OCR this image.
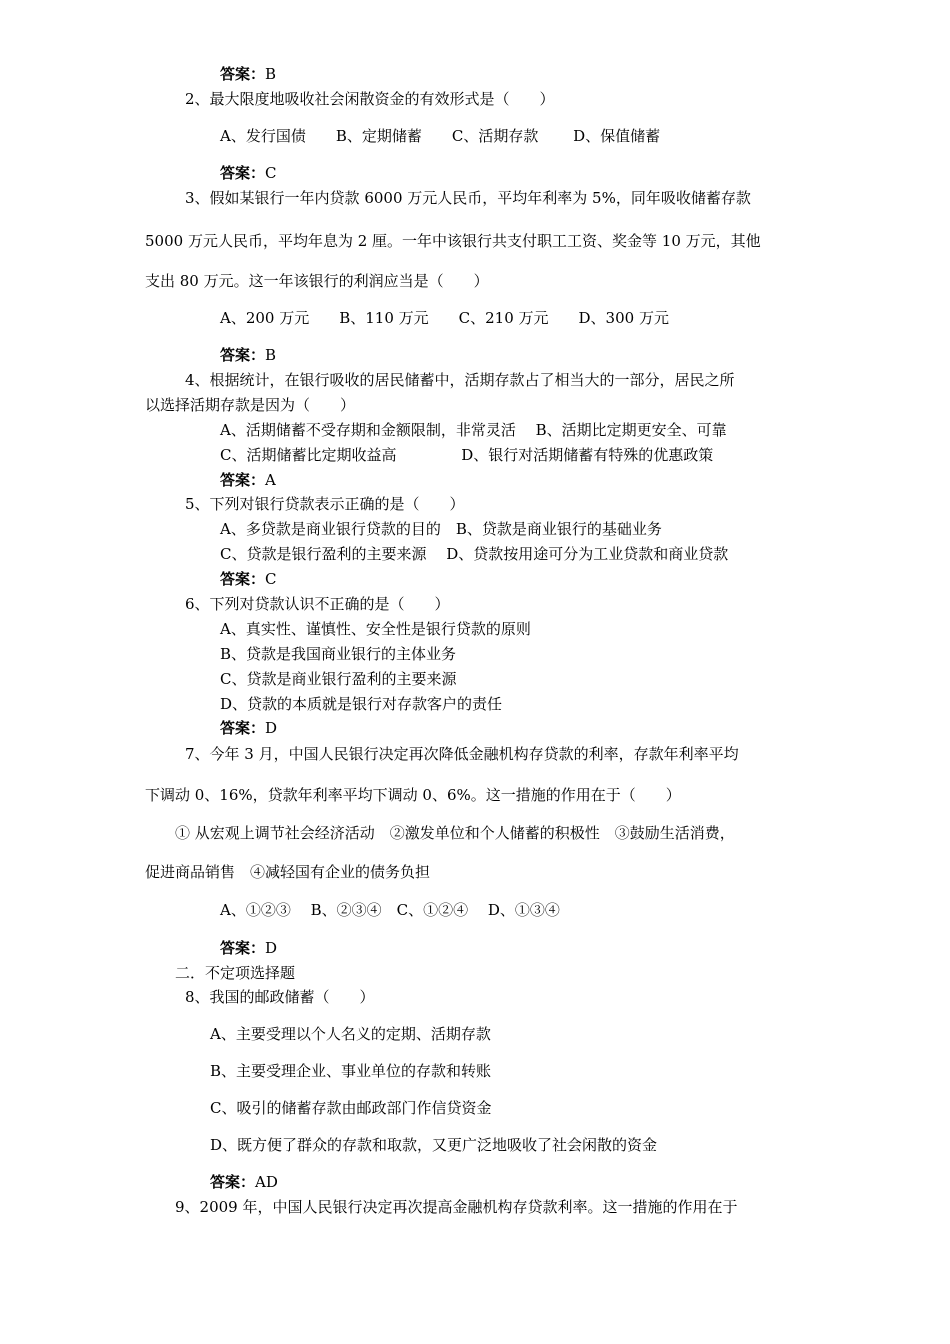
答案：B
2、最大限度地吸收社会闲散资金的有效形式是（　　）
A、发行国债　　B、定期储蓄　　C、活期存款　　 D、保值储蓄
答案：C
3、假如某银行一年内贷款 6000 万元人民币，平均年利率为 5%，同年吸收储蓄存款
5000 万元人民币，平均年息为 2 厘。一年中该银行共支付职工工资、奖金等 10 万元，其他
支出 80 万元。这一年该银行的利润应当是（　　）
A、200 万元　　B、110 万元　　C、210 万元　　D、300 万元
答案：B
4、根据统计，在银行吸收的居民储蓄中，活期存款占了相当大的一部分，居民之所
以选择活期存款是因为（　　）
A、活期储蓄不受存期和金额限制，非常灵活　 B、活期比定期更安全、可靠
C、活期储蓄比定期收益高　　　　 D、银行对活期储蓄有特殊的优惠政策
答案：A
5、下列对银行贷款表示正确的是（　　）
A、多贷款是商业银行贷款的目的　B、贷款是商业银行的基础业务
C、贷款是银行盈利的主要来源　 D、贷款按用途可分为工业贷款和商业贷款
答案：C
6、下列对贷款认识不正确的是（　　）
A、真实性、谨慎性、安全性是银行贷款的原则
B、贷款是我国商业银行的主体业务
C、贷款是商业银行盈利的主要来源
D、贷款的本质就是银行对存款客户的责任
答案：D
7、今年 3 月，中国人民银行决定再次降低金融机构存贷款的利率，存款年利率平均
下调动 0、16%，贷款年利率平均下调动 0、6%。这一措施的作用在于（　　）
① 从宏观上调节社会经济活动　②激发单位和个人储蓄的积极性　③鼓励生活消费，
促进商品销售　④减轻国有企业的债务负担
A、①②③　 B、②③④　C、①②④　 D、①③④
答案：D
二．不定项选择题
8、我国的邮政储蓄（　　）
A、主要受理以个人名义的定期、活期存款
B、主要受理企业、事业单位的存款和转账
C、吸引的储蓄存款由邮政部门作信贷资金
D、既方便了群众的存款和取款，又更广泛地吸收了社会闲散的资金
答案：AD
9、2009 年，中国人民银行决定再次提高金融机构存贷款利率。这一措施的作用在于
